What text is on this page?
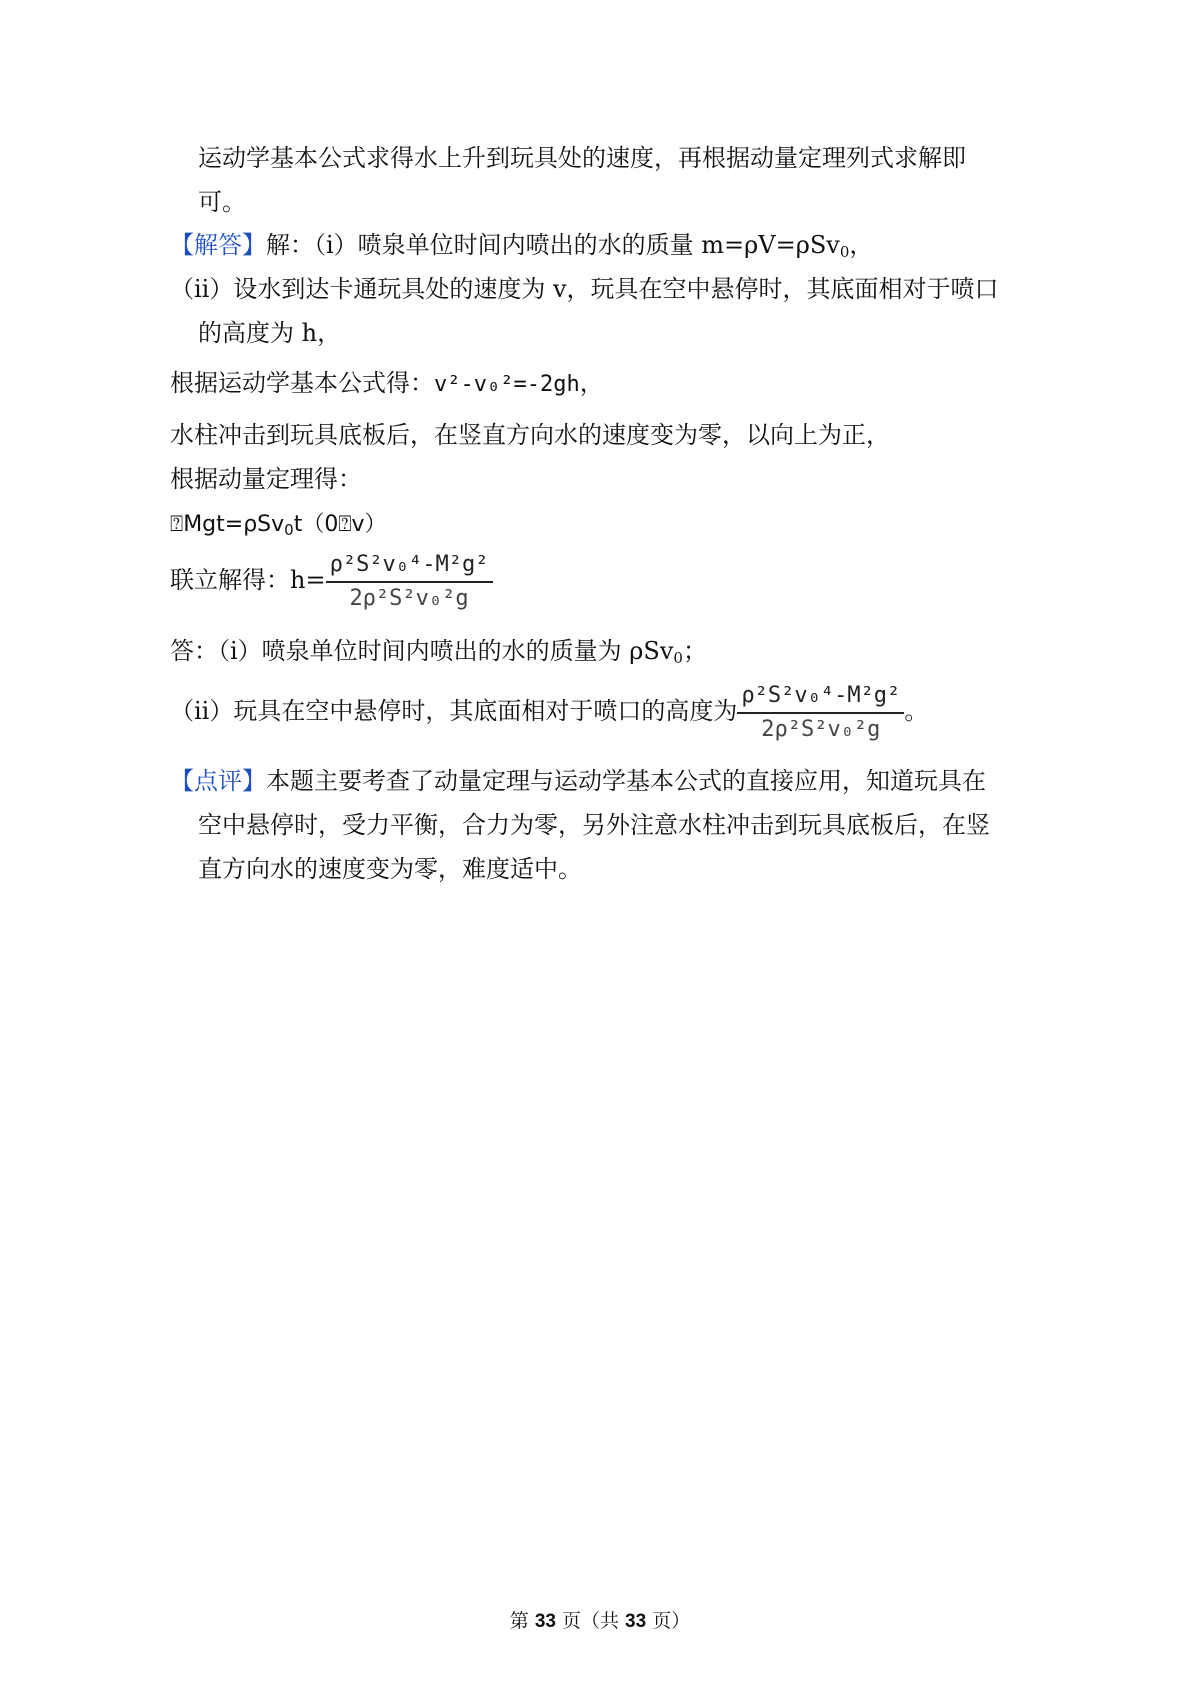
运动学基本公式求得水上升到玩具处的速度，再根据动量定理列式求解即
可。
【解答】解：（i）喷泉单位时间内喷出的水的质量 m=ρV=ρSv$_0$，
（ii）设水到达卡通玩具处的速度为 v，玩具在空中悬停时，其底面相对于喷口
的高度为 h，
根据运动学基本公式得：v²-v₀²=-2gh，
水柱冲击到玩具底板后，在竖直方向水的速度变为零，以向上为正，
根据动量定理得：
⍰Mgt=ρSv$_0$t（0⍰v）
联立解得：$h= \frac{\text{ρ²S²v₀⁴-M²g²}}{\text{2ρ²S²v₀²g}}$
答：（i）喷泉单位时间内喷出的水的质量为 ρSv$_0$；
（ii）玩具在空中悬停时，其底面相对于喷口的高度为 $\frac{\text{ρ²S²v₀⁴-M²g²}}{\text{2ρ²S²v₀²g}}$ 。
【点评】本题主要考查了动量定理与运动学基本公式的直接应用，知道玩具在
空中悬停时，受力平衡，合力为零，另外注意水柱冲击到玩具底板后，在竖
直方向水的速度变为零，难度适中。
第 33 页（共 33 页）
